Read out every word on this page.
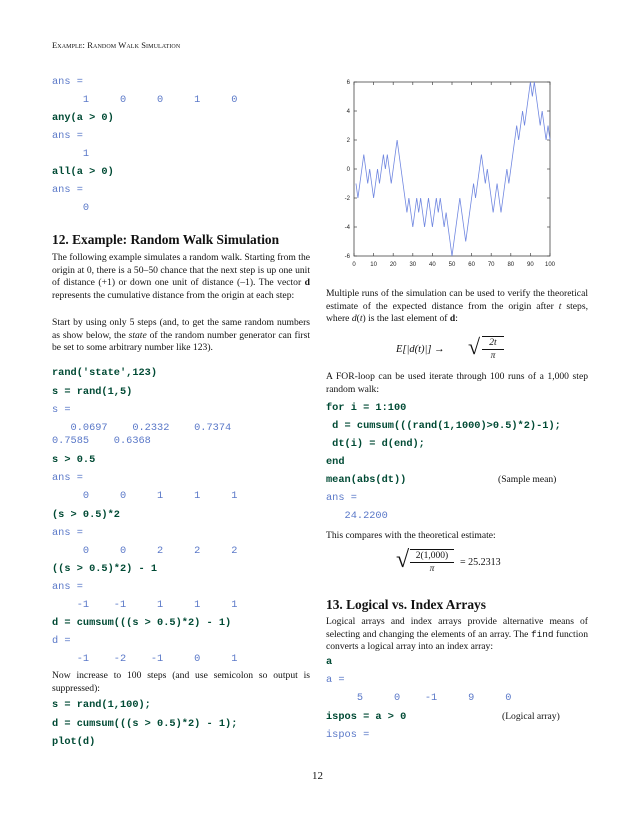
Example: Random Walk Simulation
ans =
1     0     0     1     0
any(a > 0)
ans =
1
all(a > 0)
ans =
0
12. Example: Random Walk Simulation
The following example simulates a random walk. Starting from the origin at 0, there is a 50–50 chance that the next step is up one unit of distance (+1) or down one unit of distance (–1). The vector d represents the cumulative distance from the origin at each step:
Start by using only 5 steps (and, to get the same random numbers as show below, the state of the random number generator can first be set to some arbitrary number like 123).
rand('state',123)
s = rand(1,5)
s =
0.0697    0.2332    0.7374
0.7585    0.6368
s > 0.5
ans =
0     0     1     1     1
(s > 0.5)*2
ans =
0     0     2     2     2
((s > 0.5)*2) - 1
ans =
-1    -1     1     1     1
d = cumsum(((s > 0.5)*2) - 1)
d =
-1    -2    -1     0     1
Now increase to 100 steps (and use semicolon so output is suppressed):
s = rand(1,100);
d = cumsum(((s > 0.5)*2) - 1);
plot(d)
0 10 20 30 40 50 60 70 80 90 100
-6
-4
-2
0
2
4
6
Multiple runs of the simulation can be used to verify the theoretical estimate of the expected distance from the origin after t steps, where d(t) is the last element of d:
E[|d(t)|] → √ $\frac{2t}{\pi}$
A FOR-loop can be used iterate through 100 runs of a 1,000 step random walk:
for i = 1:100
d = cumsum(((rand(1,1000)>0.5)*2)-1);
dt(i) = d(end);
end
mean(abs(dt))	(Sample mean)
ans =
24.2200
This compares with the theoretical estimate:
√ $\frac{2(1,000)}{\pi} = 25.2313$
13. Logical vs. Index Arrays
Logical arrays and index arrays provide alternative means of selecting and changing the elements of an array. The find function converts a logical array into an index array:
a
a =
5     0    -1     9     0
ispos = a > 0	(Logical array)
ispos =
12
